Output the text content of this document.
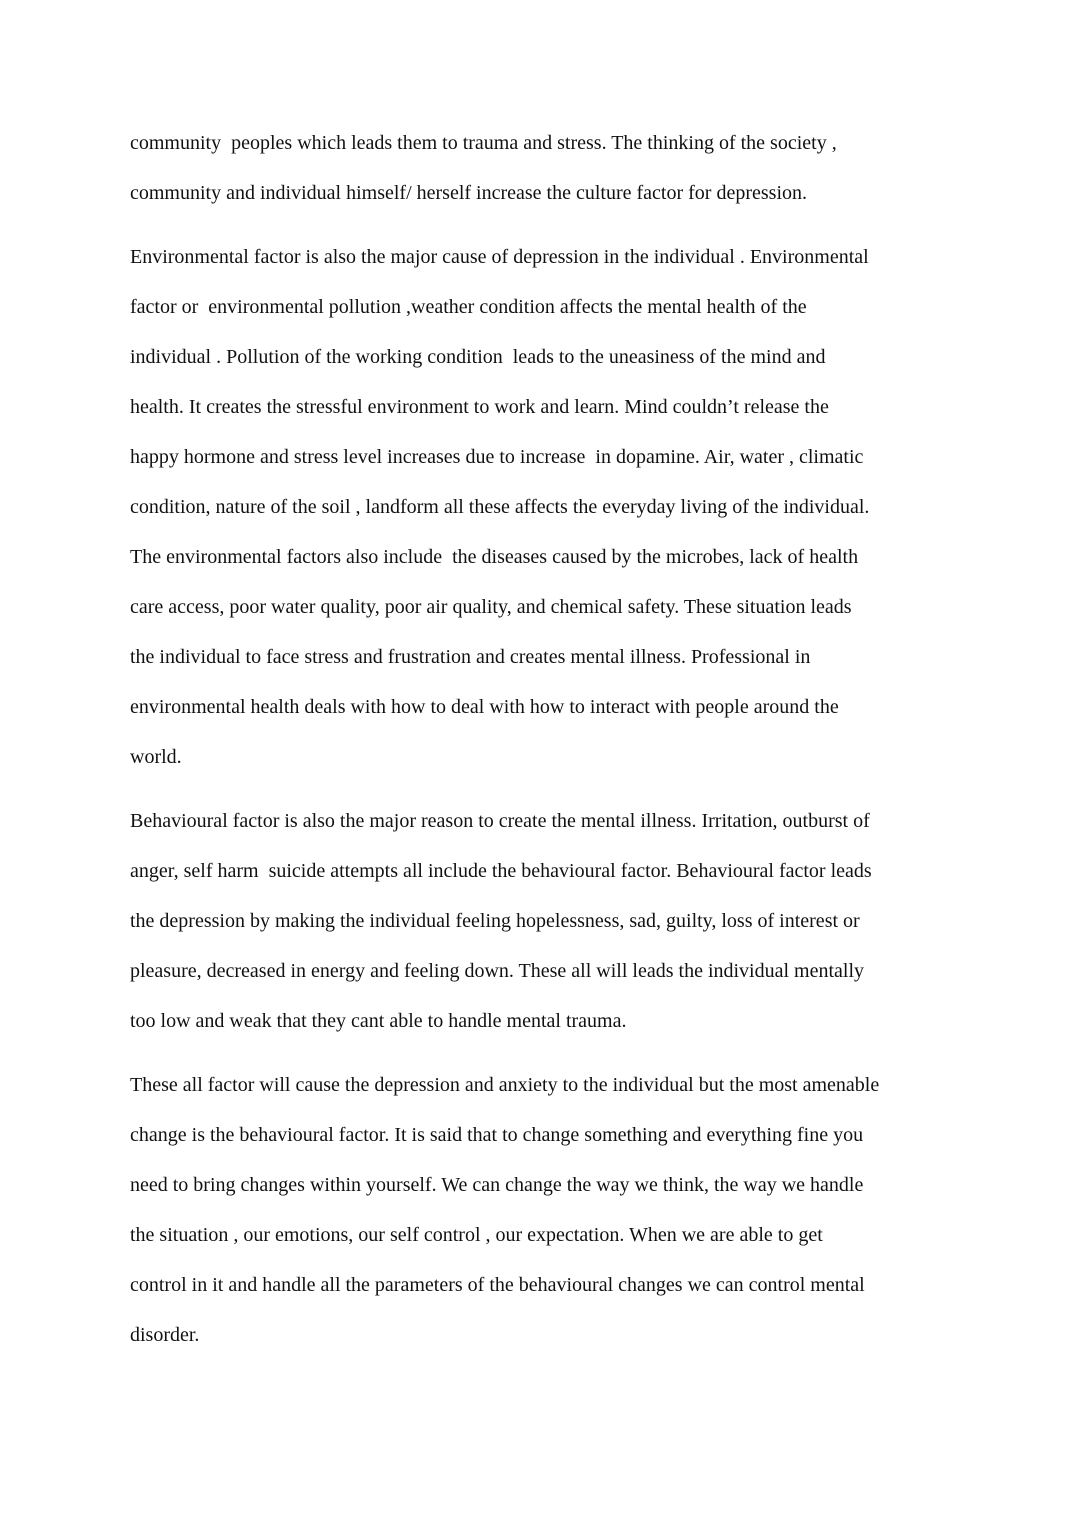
community  peoples which leads them to trauma and stress. The thinking of the society ,
community and individual himself/ herself increase the culture factor for depression.
Environmental factor is also the major cause of depression in the individual . Environmental
factor or  environmental pollution ,weather condition affects the mental health of the
individual . Pollution of the working condition  leads to the uneasiness of the mind and
health. It creates the stressful environment to work and learn. Mind couldn’t release the
happy hormone and stress level increases due to increase  in dopamine. Air, water , climatic
condition, nature of the soil , landform all these affects the everyday living of the individual.
The environmental factors also include  the diseases caused by the microbes, lack of health
care access, poor water quality, poor air quality, and chemical safety. These situation leads
the individual to face stress and frustration and creates mental illness. Professional in
environmental health deals with how to deal with how to interact with people around the
world.
Behavioural factor is also the major reason to create the mental illness. Irritation, outburst of
anger, self harm  suicide attempts all include the behavioural factor. Behavioural factor leads
the depression by making the individual feeling hopelessness, sad, guilty, loss of interest or
pleasure, decreased in energy and feeling down. These all will leads the individual mentally
too low and weak that they cant able to handle mental trauma.
These all factor will cause the depression and anxiety to the individual but the most amenable
change is the behavioural factor. It is said that to change something and everything fine you
need to bring changes within yourself. We can change the way we think, the way we handle
the situation , our emotions, our self control , our expectation. When we are able to get
control in it and handle all the parameters of the behavioural changes we can control mental
disorder.
